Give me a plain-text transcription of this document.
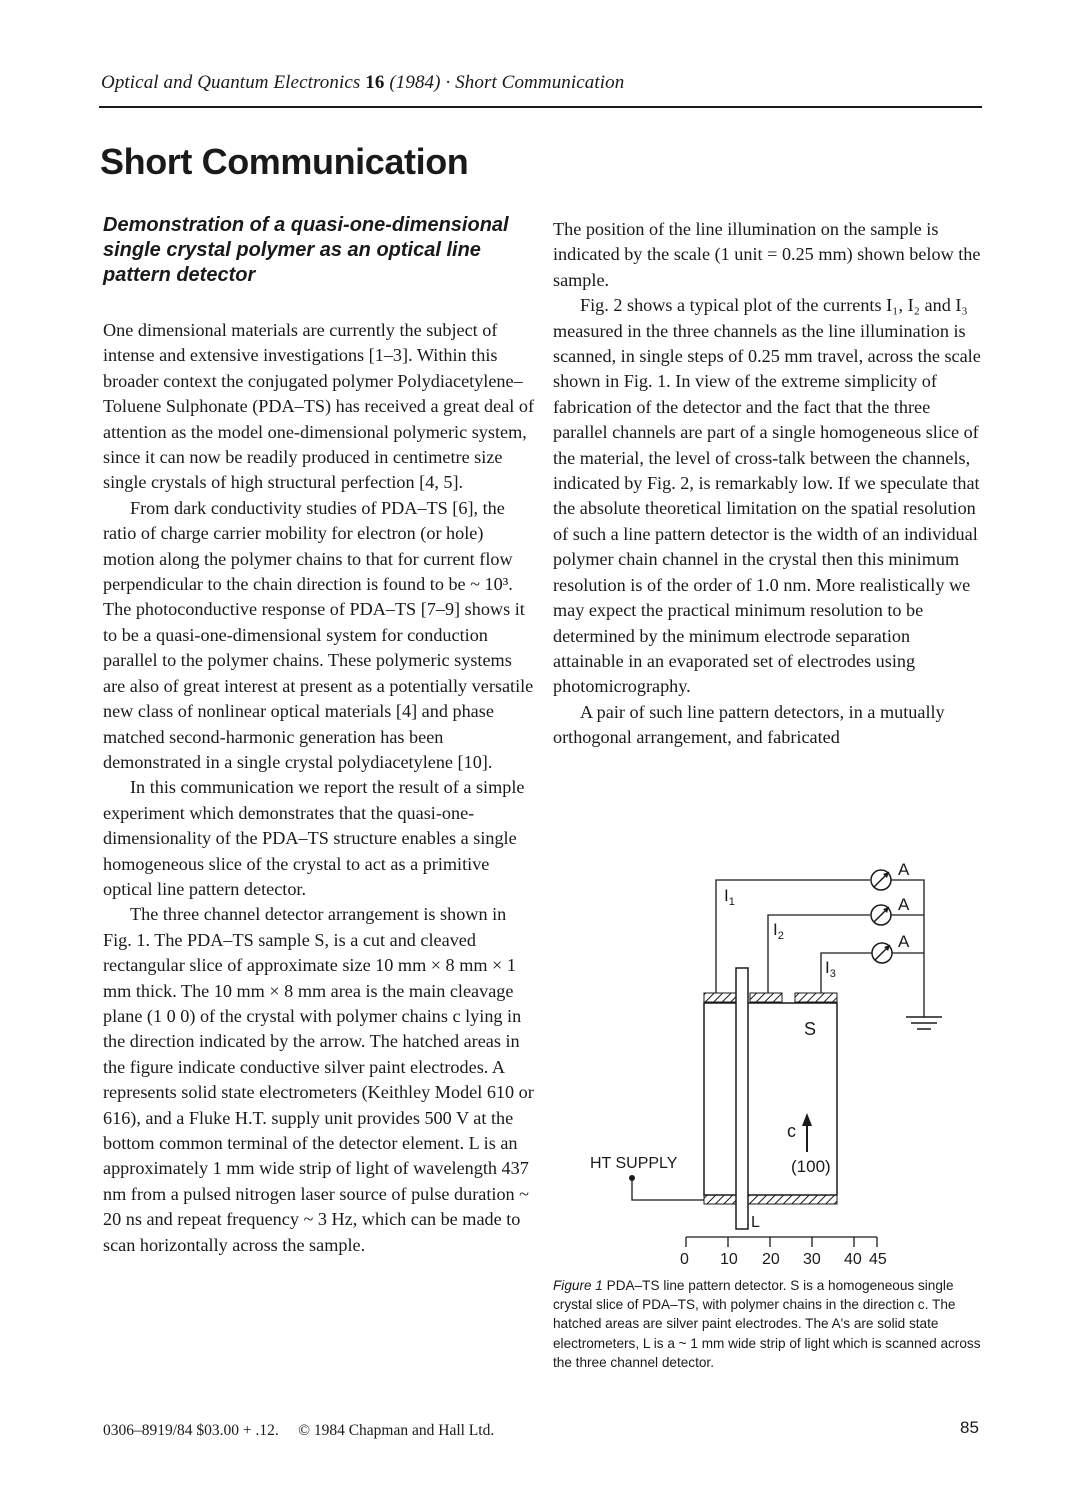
Optical and Quantum Electronics 16 (1984) · Short Communication
Short Communication
Demonstration of a quasi-one-dimensional single crystal polymer as an optical line pattern detector

One dimensional materials are currently the subject of intense and extensive investigations [1–3]. Within this broader context the conjugated polymer Polydiacetylene–Toluene Sulphonate (PDA–TS) has received a great deal of attention as the model one-dimensional polymeric system, since it can now be readily produced in centimetre size single crystals of high structural perfection [4, 5].

From dark conductivity studies of PDA–TS [6], the ratio of charge carrier mobility for electron (or hole) motion along the polymer chains to that for current flow perpendicular to the chain direction is found to be ~ 10³. The photoconductive response of PDA–TS [7–9] shows it to be a quasi-one-dimensional system for conduction parallel to the polymer chains. These polymeric systems are also of great interest at present as a potentially versatile new class of nonlinear optical materials [4] and phase matched second-harmonic generation has been demonstrated in a single crystal polydiacetylene [10].

In this communication we report the result of a simple experiment which demonstrates that the quasi-one-dimensionality of the PDA–TS structure enables a single homogeneous slice of the crystal to act as a primitive optical line pattern detector.

The three channel detector arrangement is shown in Fig. 1. The PDA–TS sample S, is a cut and cleaved rectangular slice of approximate size 10 mm × 8 mm × 1 mm thick. The 10 mm × 8 mm area is the main cleavage plane (1 0 0) of the crystal with polymer chains c lying in the direction indicated by the arrow. The hatched areas in the figure indicate conductive silver paint electrodes. A represents solid state electrometers (Keithley Model 610 or 616), and a Fluke H.T. supply unit provides 500 V at the bottom common terminal of the detector element. L is an approximately 1 mm wide strip of light of wavelength 437 nm from a pulsed nitrogen laser source of pulse duration ~ 20 ns and repeat frequency ~ 3 Hz, which can be made to scan horizontally across the sample.

The position of the line illumination on the sample is indicated by the scale (1 unit = 0.25 mm) shown below the sample.

Fig. 2 shows a typical plot of the currents I₁, I₂ and I₃ measured in the three channels as the line illumination is scanned, in single steps of 0.25 mm travel, across the scale shown in Fig. 1. In view of the extreme simplicity of fabrication of the detector and the fact that the three parallel channels are part of a single homogeneous slice of the material, the level of cross-talk between the channels, indicated by Fig. 2, is remarkably low. If we speculate that the absolute theoretical limitation on the spatial resolution of such a line pattern detector is the width of an individual polymer chain channel in the crystal then this minimum resolution is of the order of 1.0 nm. More realistically we may expect the practical minimum resolution to be determined by the minimum electrode separation attainable in an evaporated set of electrodes using photomicrography.

A pair of such line pattern detectors, in a mutually orthogonal arrangement, and fabricated

A
A
A
$I_1$
$I_2$
$I_3$
S
c
(100)
HT SUPPLY
L
0 10 20 30 40 45
Figure 1 PDA–TS line pattern detector. S is a homogeneous single crystal slice of PDA–TS, with polymer chains in the direction c. The hatched areas are silver paint electrodes. The A's are solid state electrometers, L is a ~ 1 mm wide strip of light which is scanned across the three channel detector.
0306–8919/84 $03.00 + .12. © 1984 Chapman and Hall Ltd.	85
